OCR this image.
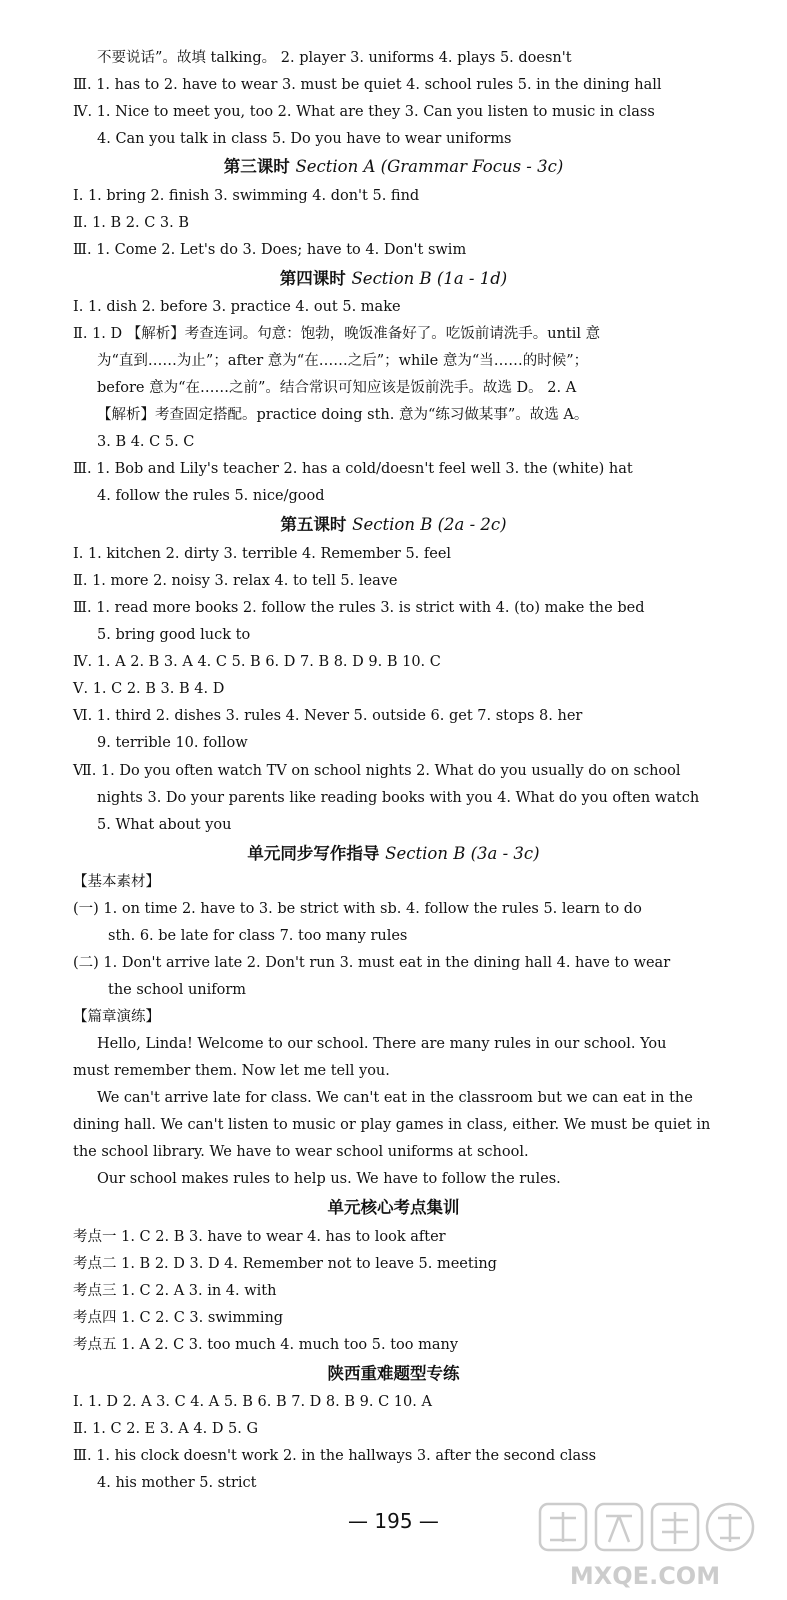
不要说话”。故填 talking。 2. player 3. uniforms 4. plays 5. doesn't
Ⅲ. 1. has to 2. have to wear 3. must be quiet 4. school rules 5. in the dining hall
Ⅳ. 1. Nice to meet you, too 2. What are they 3. Can you listen to music in class
4. Can you talk in class 5. Do you have to wear uniforms
第三课时 Section A (Grammar Focus - 3c)
Ⅰ. 1. bring 2. finish 3. swimming 4. don't 5. find
Ⅱ. 1. B 2. C 3. B
Ⅲ. 1. Come 2. Let's do 3. Does; have to 4. Don't swim
第四课时 Section B (1a - 1d)
Ⅰ. 1. dish 2. before 3. practice 4. out 5. make
Ⅱ. 1. D 【解析】考查连词。句意：饱勃，晚饭准备好了。吃饭前请洗手。until 意
为“直到……为止”；after 意为“在……之后”；while 意为“当……的时候”；
before 意为“在……之前”。结合常识可知应该是饭前洗手。故选 D。 2. A
【解析】考查固定搭配。practice doing sth. 意为“练习做某事”。故选 A。
3. B 4. C 5. C
Ⅲ. 1. Bob and Lily's teacher 2. has a cold/doesn't feel well 3. the (white) hat
4. follow the rules 5. nice/good
第五课时 Section B (2a - 2c)
Ⅰ. 1. kitchen 2. dirty 3. terrible 4. Remember 5. feel
Ⅱ. 1. more 2. noisy 3. relax 4. to tell 5. leave
Ⅲ. 1. read more books 2. follow the rules 3. is strict with 4. (to) make the bed
5. bring good luck to
Ⅳ. 1. A 2. B 3. A 4. C 5. B 6. D 7. B 8. D 9. B 10. C
Ⅴ. 1. C 2. B 3. B 4. D
Ⅵ. 1. third 2. dishes 3. rules 4. Never 5. outside 6. get 7. stops 8. her
9. terrible 10. follow
Ⅶ. 1. Do you often watch TV on school nights 2. What do you usually do on school
nights 3. Do your parents like reading books with you 4. What do you often watch
5. What about you
单元同步写作指导 Section B (3a - 3c)
【基本素材】
(一) 1. on time 2. have to 3. be strict with sb. 4. follow the rules 5. learn to do
sth. 6. be late for class 7. too many rules
(二) 1. Don't arrive late 2. Don't run 3. must eat in the dining hall 4. have to wear
the school uniform
【篇章演练】
Hello, Linda! Welcome to our school. There are many rules in our school. You
must remember them. Now let me tell you.
We can't arrive late for class. We can't eat in the classroom but we can eat in the
dining hall. We can't listen to music or play games in class, either. We must be quiet in
the school library. We have to wear school uniforms at school.
Our school makes rules to help us. We have to follow the rules.
单元核心考点集训
考点一 1. C 2. B 3. have to wear 4. has to look after
考点二 1. B 2. D 3. D 4. Remember not to leave 5. meeting
考点三 1. C 2. A 3. in 4. with
考点四 1. C 2. C 3. swimming
考点五 1. A 2. C 3. too much 4. much too 5. too many
陕西重难题型专练
Ⅰ. 1. D 2. A 3. C 4. A 5. B 6. B 7. D 8. B 9. C 10. A
Ⅱ. 1. C 2. E 3. A 4. D 5. G
Ⅲ. 1. his clock doesn't work 2. in the hallways 3. after the second class
4. his mother 5. strict
— 195 —
MXQE.COM
